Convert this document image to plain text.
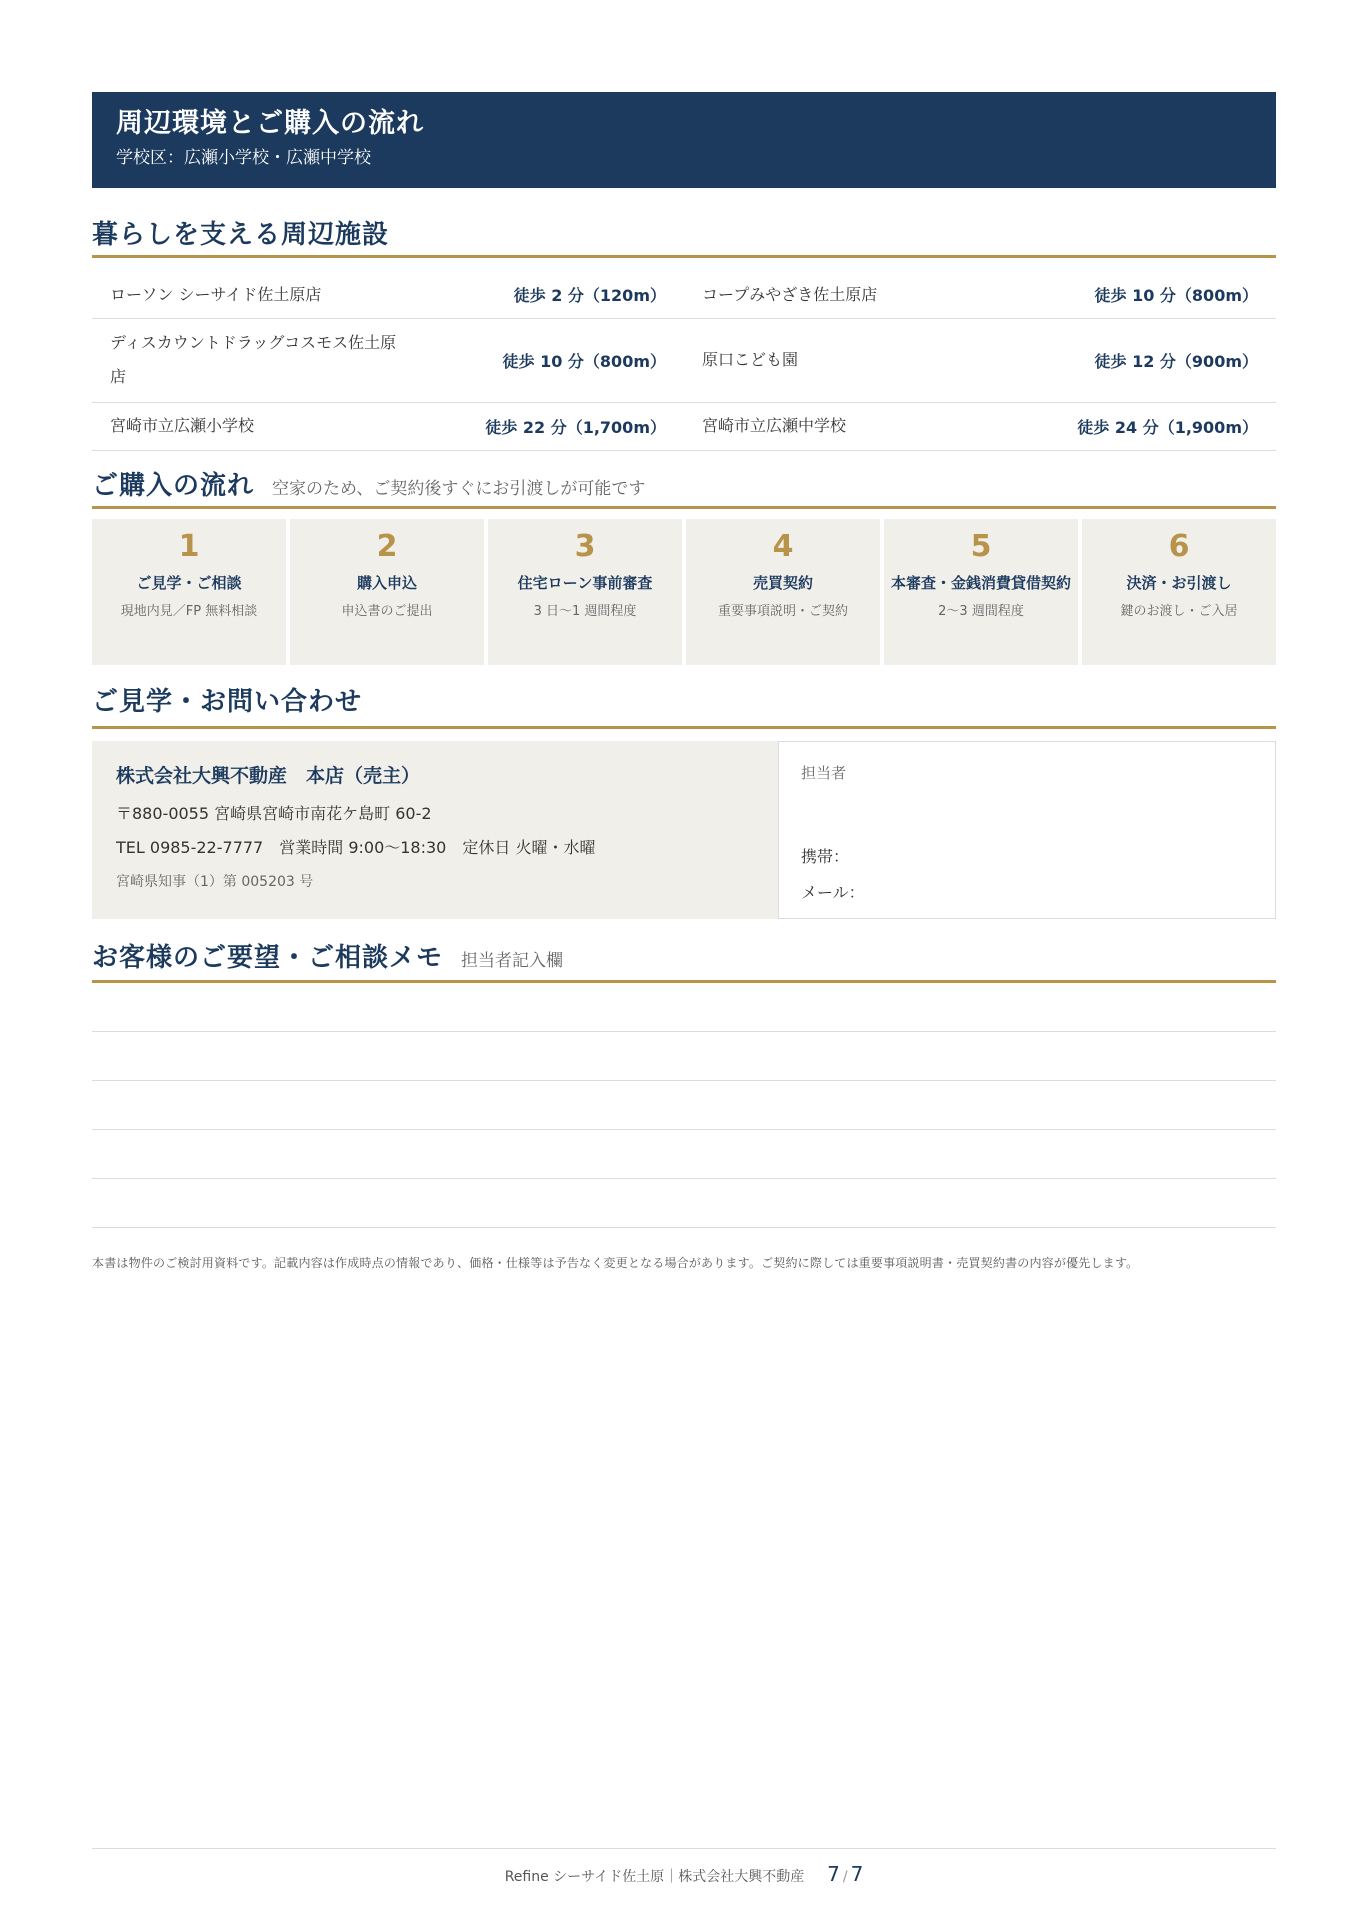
周辺環境とご購入の流れ
学校区：広瀬小学校・広瀬中学校
暮らしを支える周辺施設
ローソン シーサイド佐土原店	徒歩 2 分（120m）	コープみやざき佐土原店	徒歩 10 分（800m）
ディスカウントドラッグコスモス佐土原店	徒歩 10 分（800m）	原口こども園	徒歩 12 分（900m）
宮崎市立広瀬小学校	徒歩 22 分（1,700m）	宮崎市立広瀬中学校	徒歩 24 分（1,900m）
ご購入の流れ 空家のため、ご契約後すぐにお引渡しが可能です
1
ご見学・ご相談
現地内見／FP 無料相談
2
購入申込
申込書のご提出
3
住宅ローン事前審査
3 日〜1 週間程度
4
売買契約
重要事項説明・ご契約
5
本審査・金銭消費貸借契約
2〜3 週間程度
6
決済・お引渡し
鍵のお渡し・ご入居
ご見学・お問い合わせ
株式会社大興不動産　本店（売主）
〒880-0055 宮崎県宮崎市南花ケ島町 60-2
TEL 0985-22-7777　営業時間 9:00〜18:30　定休日 火曜・水曜
宮崎県知事（1）第 005203 号
担当者
携帯：
メール：
お客様のご要望・ご相談メモ 担当者記入欄
本書は物件のご検討用資料です。記載内容は作成時点の情報であり、価格・仕様等は予告なく変更となる場合があります。ご契約に際しては重要事項説明書・売買契約書の内容が優先します。
Refine シーサイド佐土原｜株式会社大興不動産 7 / 7
